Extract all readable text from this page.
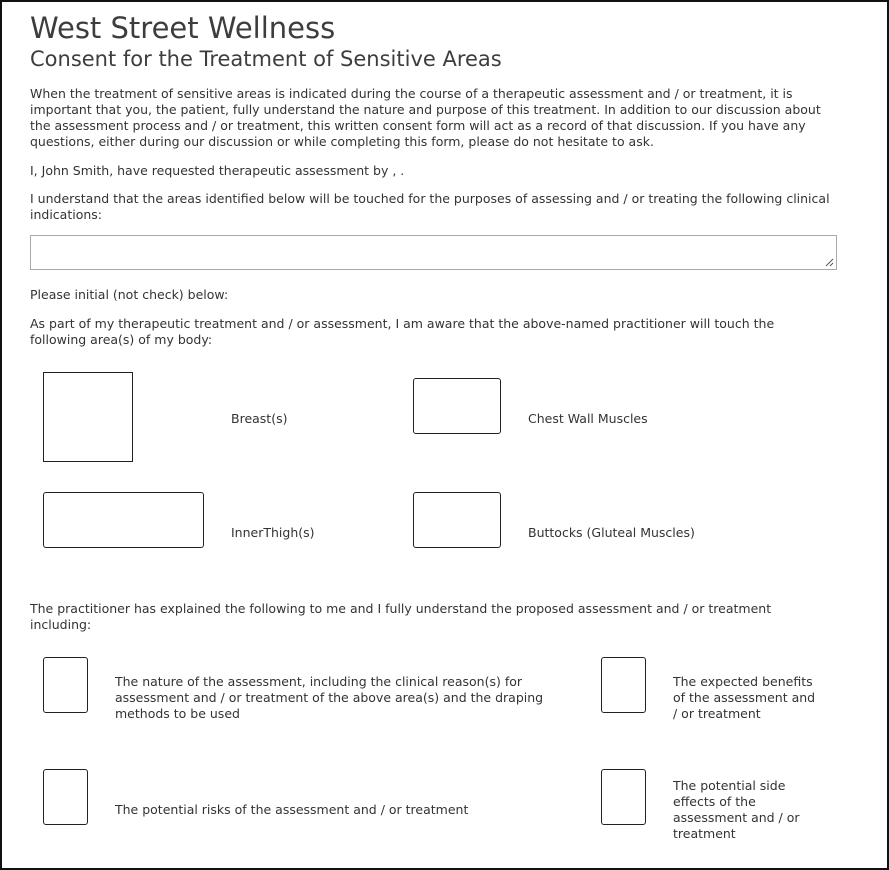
West Street Wellness
Consent for the Treatment of Sensitive Areas
When the treatment of sensitive areas is indicated during the course of a therapeutic assessment and / or treatment, it is important that you, the patient, fully understand the nature and purpose of this treatment. In addition to our discussion about the assessment process and / or treatment, this written consent form will act as a record of that discussion. If you have any questions, either during our discussion or while completing this form, please do not hesitate to ask.
I, John Smith, have requested therapeutic assessment by , .
I understand that the areas identified below will be touched for the purposes of assessing and / or treating the following clinical indications:
Please initial (not check) below:
As part of my therapeutic treatment and / or assessment, I am aware that the above-named practitioner will touch the following area(s) of my body:
Breast(s)	Chest Wall Muscles
InnerThigh(s)	Buttocks (Gluteal Muscles)
The practitioner has explained the following to me and I fully understand the proposed assessment and / or treatment including:
The nature of the assessment, including the clinical reason(s) for assessment and / or treatment of the above area(s) and the draping methods to be used
The expected benefits of the assessment and / or treatment
The potential risks of the assessment and / or treatment
The potential side effects of the assessment and / or treatment
